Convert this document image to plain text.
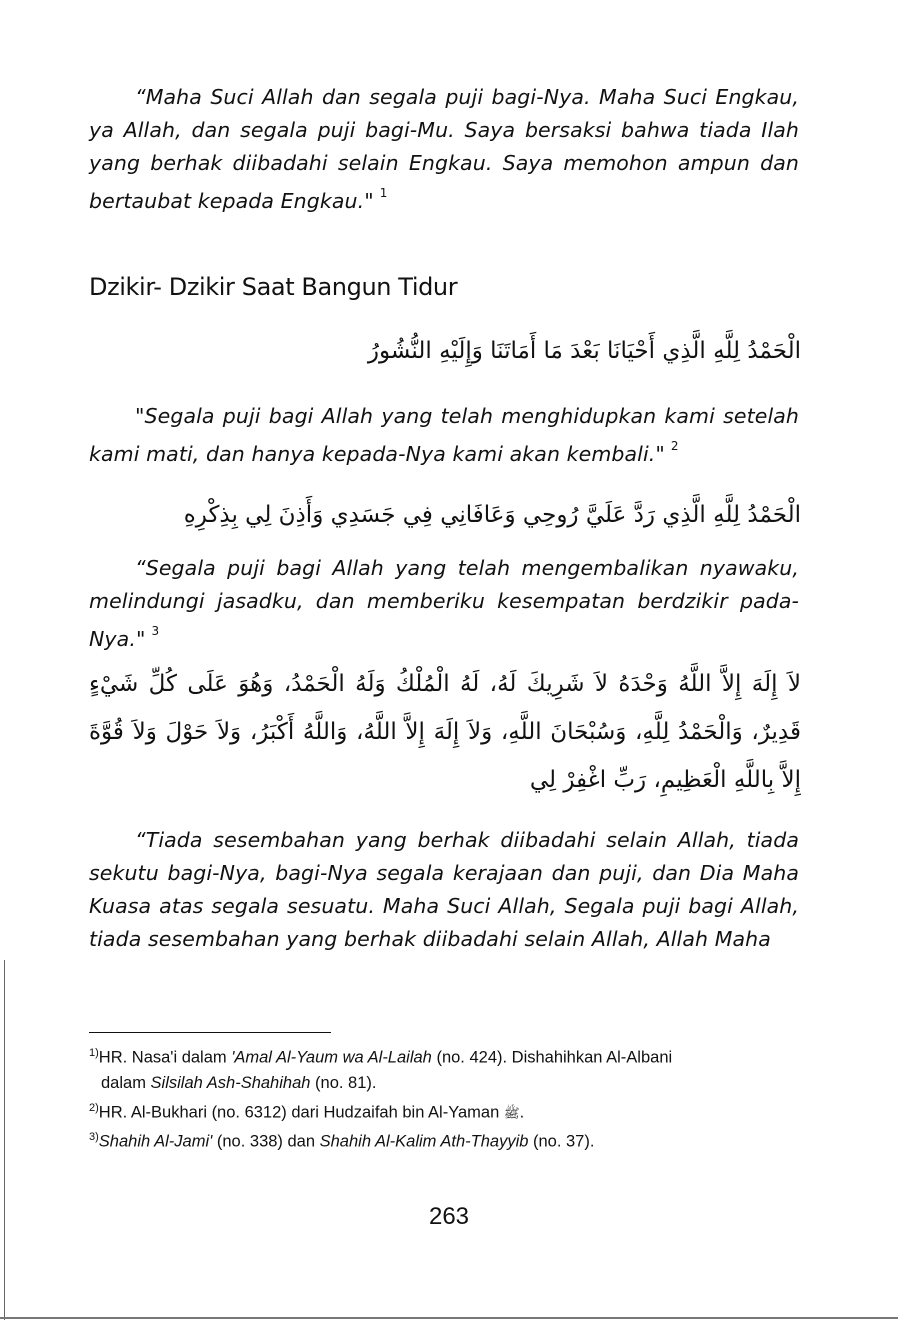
“Maha Suci Allah dan segala puji bagi-Nya. Maha Suci Engkau, ya Allah, dan segala puji bagi-Mu. Saya bersaksi bahwa tiada Ilah yang berhak diibadahi selain Engkau. Saya memohon ampun dan bertaubat kepada Engkau." $^1$

Dzikir- Dzikir Saat Bangun Tidur

الْحَمْدُ لِلَّهِ الَّذِي أَحْيَانَا بَعْدَ مَا أَمَاتَنَا وَإِلَيْهِ النُّشُورُ

"Segala puji bagi Allah yang telah menghidupkan kami setelah kami mati, dan hanya kepada-Nya kami akan kembali." $^2$

الْحَمْدُ لِلَّهِ الَّذِي رَدَّ عَلَيَّ رُوحِي وَعَافَانِي فِي جَسَدِي وَأَذِنَ لِي بِذِكْرِهِ

“Segala puji bagi Allah yang telah mengembalikan nyawaku, melindungi jasadku, dan memberiku kesempatan berdzikir pada-Nya." $^3$

لاَ إِلَهَ إِلاَّ اللَّهُ وَحْدَهُ لاَ شَرِيكَ لَهُ، لَهُ الْمُلْكُ وَلَهُ الْحَمْدُ، وَهُوَ عَلَى كُلِّ شَيْءٍ قَدِيرٌ، وَالْحَمْدُ لِلَّهِ، وَسُبْحَانَ اللَّهِ، وَلاَ إِلَهَ إِلاَّ اللَّهُ، وَاللَّهُ أَكْبَرُ، وَلاَ حَوْلَ وَلاَ قُوَّةَ إِلاَّ بِاللَّهِ الْعَظِيمِ، رَبِّ اغْفِرْ لِي

“Tiada sesembahan yang berhak diibadahi selain Allah, tiada sekutu bagi-Nya, bagi-Nya segala kerajaan dan puji, dan Dia Maha Kuasa atas segala sesuatu. Maha Suci Allah, Segala puji bagi Allah, tiada sesembahan yang berhak diibadahi selain Allah, Allah Maha

$^{1)}$HR. Nasa'i dalam 'Amal Al-Yaum wa Al-Lailah (no. 424). Dishahihkan Al-Albani
dalam Silsilah Ash-Shahihah (no. 81).
$^{2)}$HR. Al-Bukhari (no. 6312) dari Hudzaifah bin Al-Yaman ﷺ.
$^{3)}$Shahih Al-Jami' (no. 338) dan Shahih Al-Kalim Ath-Thayyib (no. 37).

263
